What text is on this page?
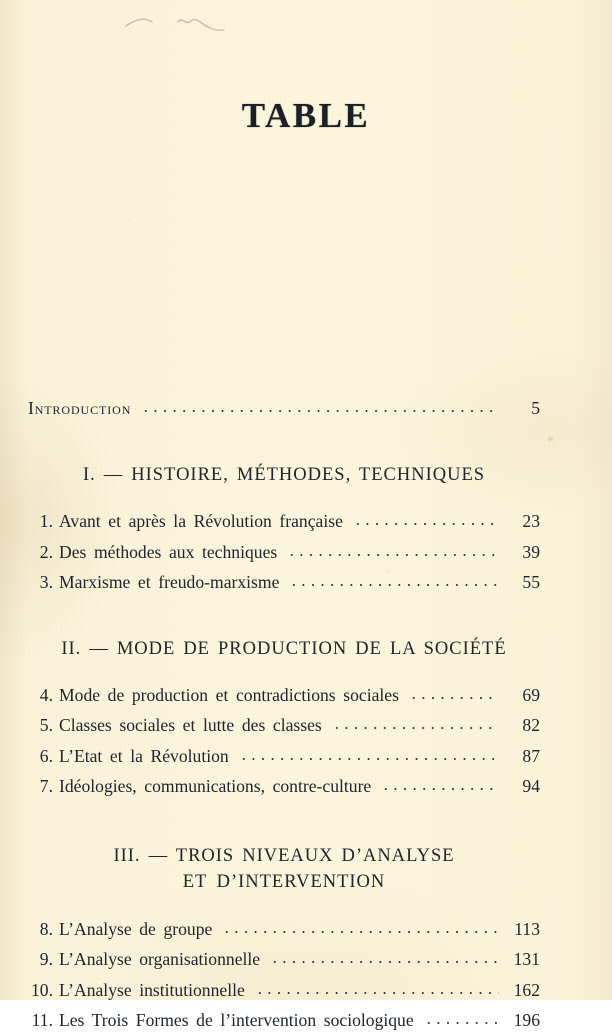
TABLE
Introduction	5
I. — HISTOIRE, MÉTHODES, TECHNIQUES
1. Avant et après la Révolution française	23
2. Des méthodes aux techniques	39
3. Marxisme et freudo-marxisme	55
II. — MODE DE PRODUCTION DE LA SOCIÉTÉ
4. Mode de production et contradictions sociales	69
5. Classes sociales et lutte des classes	82
6. L’Etat et la Révolution	87
7. Idéologies, communications, contre-culture	94
III. — TROIS NIVEAUX D’ANALYSE
ET D’INTERVENTION
8. L’Analyse de groupe	113
9. L’Analyse organisationnelle	131
10. L’Analyse institutionnelle	162
11. Les Trois Formes de l’intervention sociologique	196
